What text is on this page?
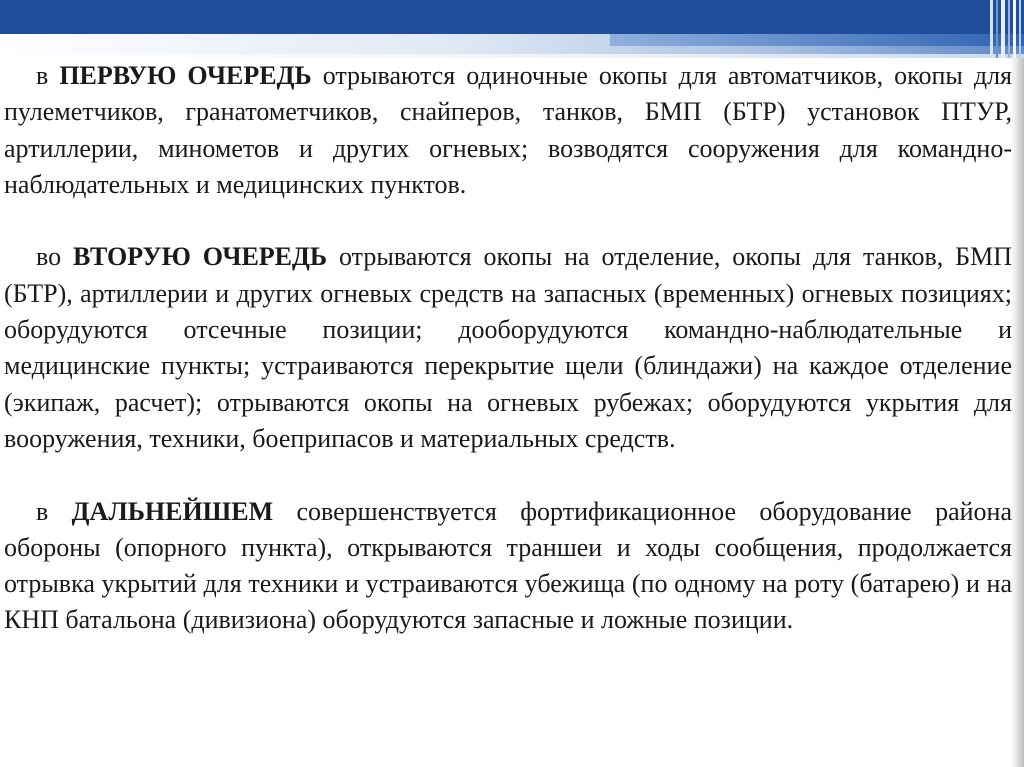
в ПЕРВУЮ ОЧЕРЕДЬ отрываются одиночные окопы для автоматчиков, окопы для пулеметчиков, гранатометчиков, снайперов, танков, БМП (БТР) установок ПТУР, артиллерии, минометов и других огневых; возводятся сооружения для командно-наблюдательных и медицинских пунктов.

во ВТОРУЮ ОЧЕРЕДЬ отрываются окопы на отделение, окопы для танков, БМП (БТР), артиллерии и других огневых средств на запасных (временных) огневых позициях; оборудуются отсечные позиции; дооборудуются командно-наблюдательные и медицинские пункты; устраиваются перекрытие щели (блиндажи) на каждое отделение (экипаж, расчет); отрываются окопы на огневых рубежах; оборудуются укрытия для вооружения, техники, боеприпасов и материальных средств.

в ДАЛЬНЕЙШЕМ совершенствуется фортификационное оборудование района обороны (опорного пункта), открываются траншеи и ходы сообщения, продолжается отрывка укрытий для техники и устраиваются убежища (по одному на роту (батарею) и на КНП батальона (дивизиона) оборудуются запасные и ложные позиции.
